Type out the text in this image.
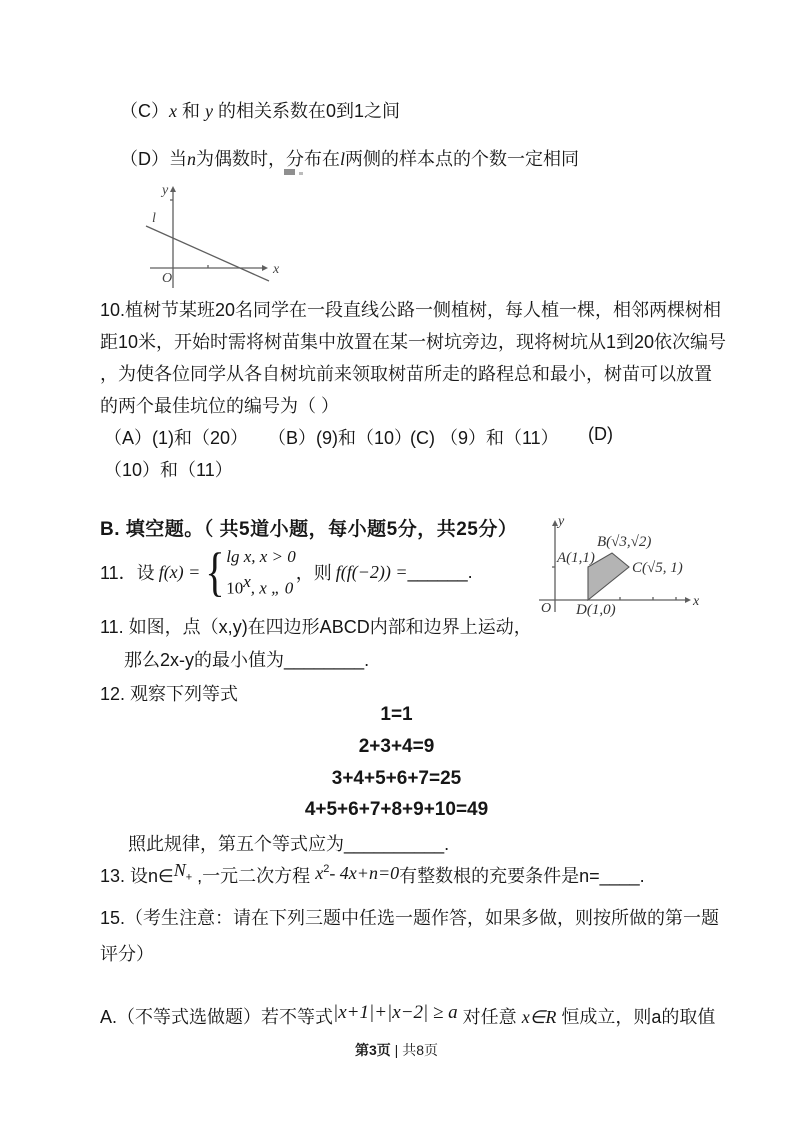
（C）x 和 y 的相关系数在0到1之间
（D）当n为偶数时，分布在l两侧的样本点的个数一定相同
y
l
O
x
10.植树节某班20名同学在一段直线公路一侧植树，每人植一棵，相邻两棵树相
距10米，开始时需将树苗集中放置在某一树坑旁边，现将树坑从1到20依次编号
，为使各位同学从各自树坑前来领取树苗所走的路程总和最小，树苗可以放置
的两个最佳坑位的编号为（ ）
（A）(1)和（20） （B）(9)和（10）
(C) （9）和（11） (D)
（10）和（11）
B. 填空题。（ 共5道小题，每小题5分，共25分）
11．设 f(x) = { lg x, x > 0
10$^x$, x „ 0
，则 f(f(−2)) = ______ .
y
A(1,1)
B(√3,√2)
C(√5, 1)
D(1,0)
O	x
11. 如图，点（x,y)在四边形ABCD内部和边界上运动，
那么2x-y的最小值为________.
12. 观察下列等式
1=1
2+3+4=9
3+4+5+6+7=25
4+5+6+7+8+9+10=49
照此规律，第五个等式应为__________.
13. 设$n\in N_+$ ,一元二次方程 $x^2-$ 4x+n=0有整数根的充要条件是n=____.
15.（考生注意：请在下列三题中任选一题作答，如果多做，则按所做的第一题
评分）
A.（不等式选做题）若不等式|x+1|+|x−2| ≥ a 对任意 x∈R 恒成立，则a的取值
第3页 | 共8页
